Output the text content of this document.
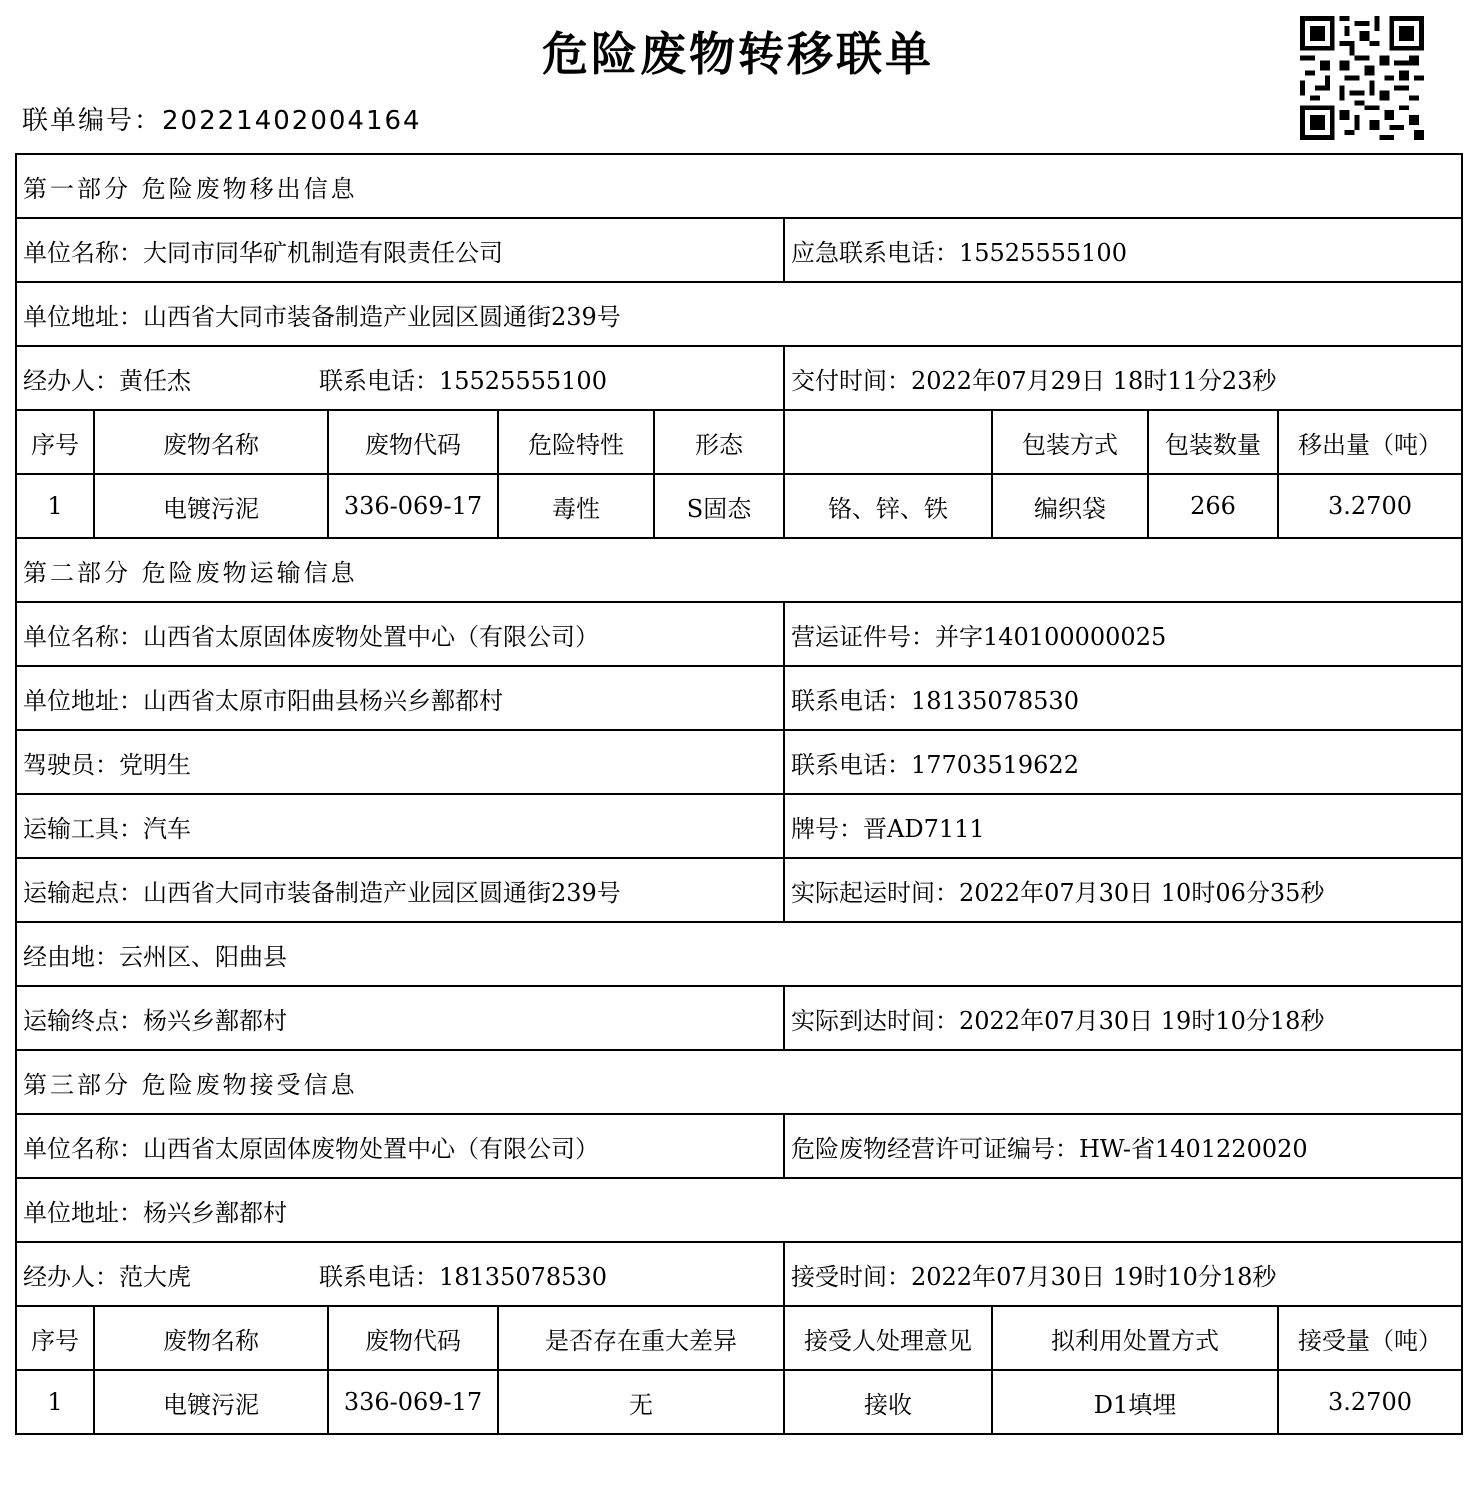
危险废物转移联单
联单编号：20221402004164
第一部分 危险废物移出信息								
单位名称：大同市同华矿机制造有限责任公司					应急联系电话：15525555100			
单位地址：山西省大同市装备制造产业园区圆通街239号								
经办人：黄任杰 联系电话：15525555100					交付时间：2022年07月29日 18时11分23秒			
序号	废物名称	废物代码	危险特性	形态		包装方式	包装数量	移出量（吨）
1	电镀污泥	336-069-17	毒性	S固态	铬、锌、铁	编织袋	266	3.2700
第二部分 危险废物运输信息								
单位名称：山西省太原固体废物处置中心（有限公司）					营运证件号：并字140100000025			
单位地址：山西省太原市阳曲县杨兴乡鄯都村					联系电话：18135078530			
驾驶员：党明生					联系电话：17703519622			
运输工具：汽车					牌号：晋AD7111			
运输起点：山西省大同市装备制造产业园区圆通街239号					实际起运时间：2022年07月30日 10时06分35秒			
经由地：云州区、阳曲县								
运输终点：杨兴乡鄯都村					实际到达时间：2022年07月30日 19时10分18秒			
第三部分 危险废物接受信息								
单位名称：山西省太原固体废物处置中心（有限公司）					危险废物经营许可证编号：HW-省1401220020			
单位地址：杨兴乡鄯都村								
经办人：范大虎 联系电话：18135078530					接受时间：2022年07月30日 19时10分18秒			
序号	废物名称	废物代码	是否存在重大差异		接受人处理意见	拟利用处置方式		接受量（吨）
1	电镀污泥	336-069-17	无		接收	D1填埋		3.2700
